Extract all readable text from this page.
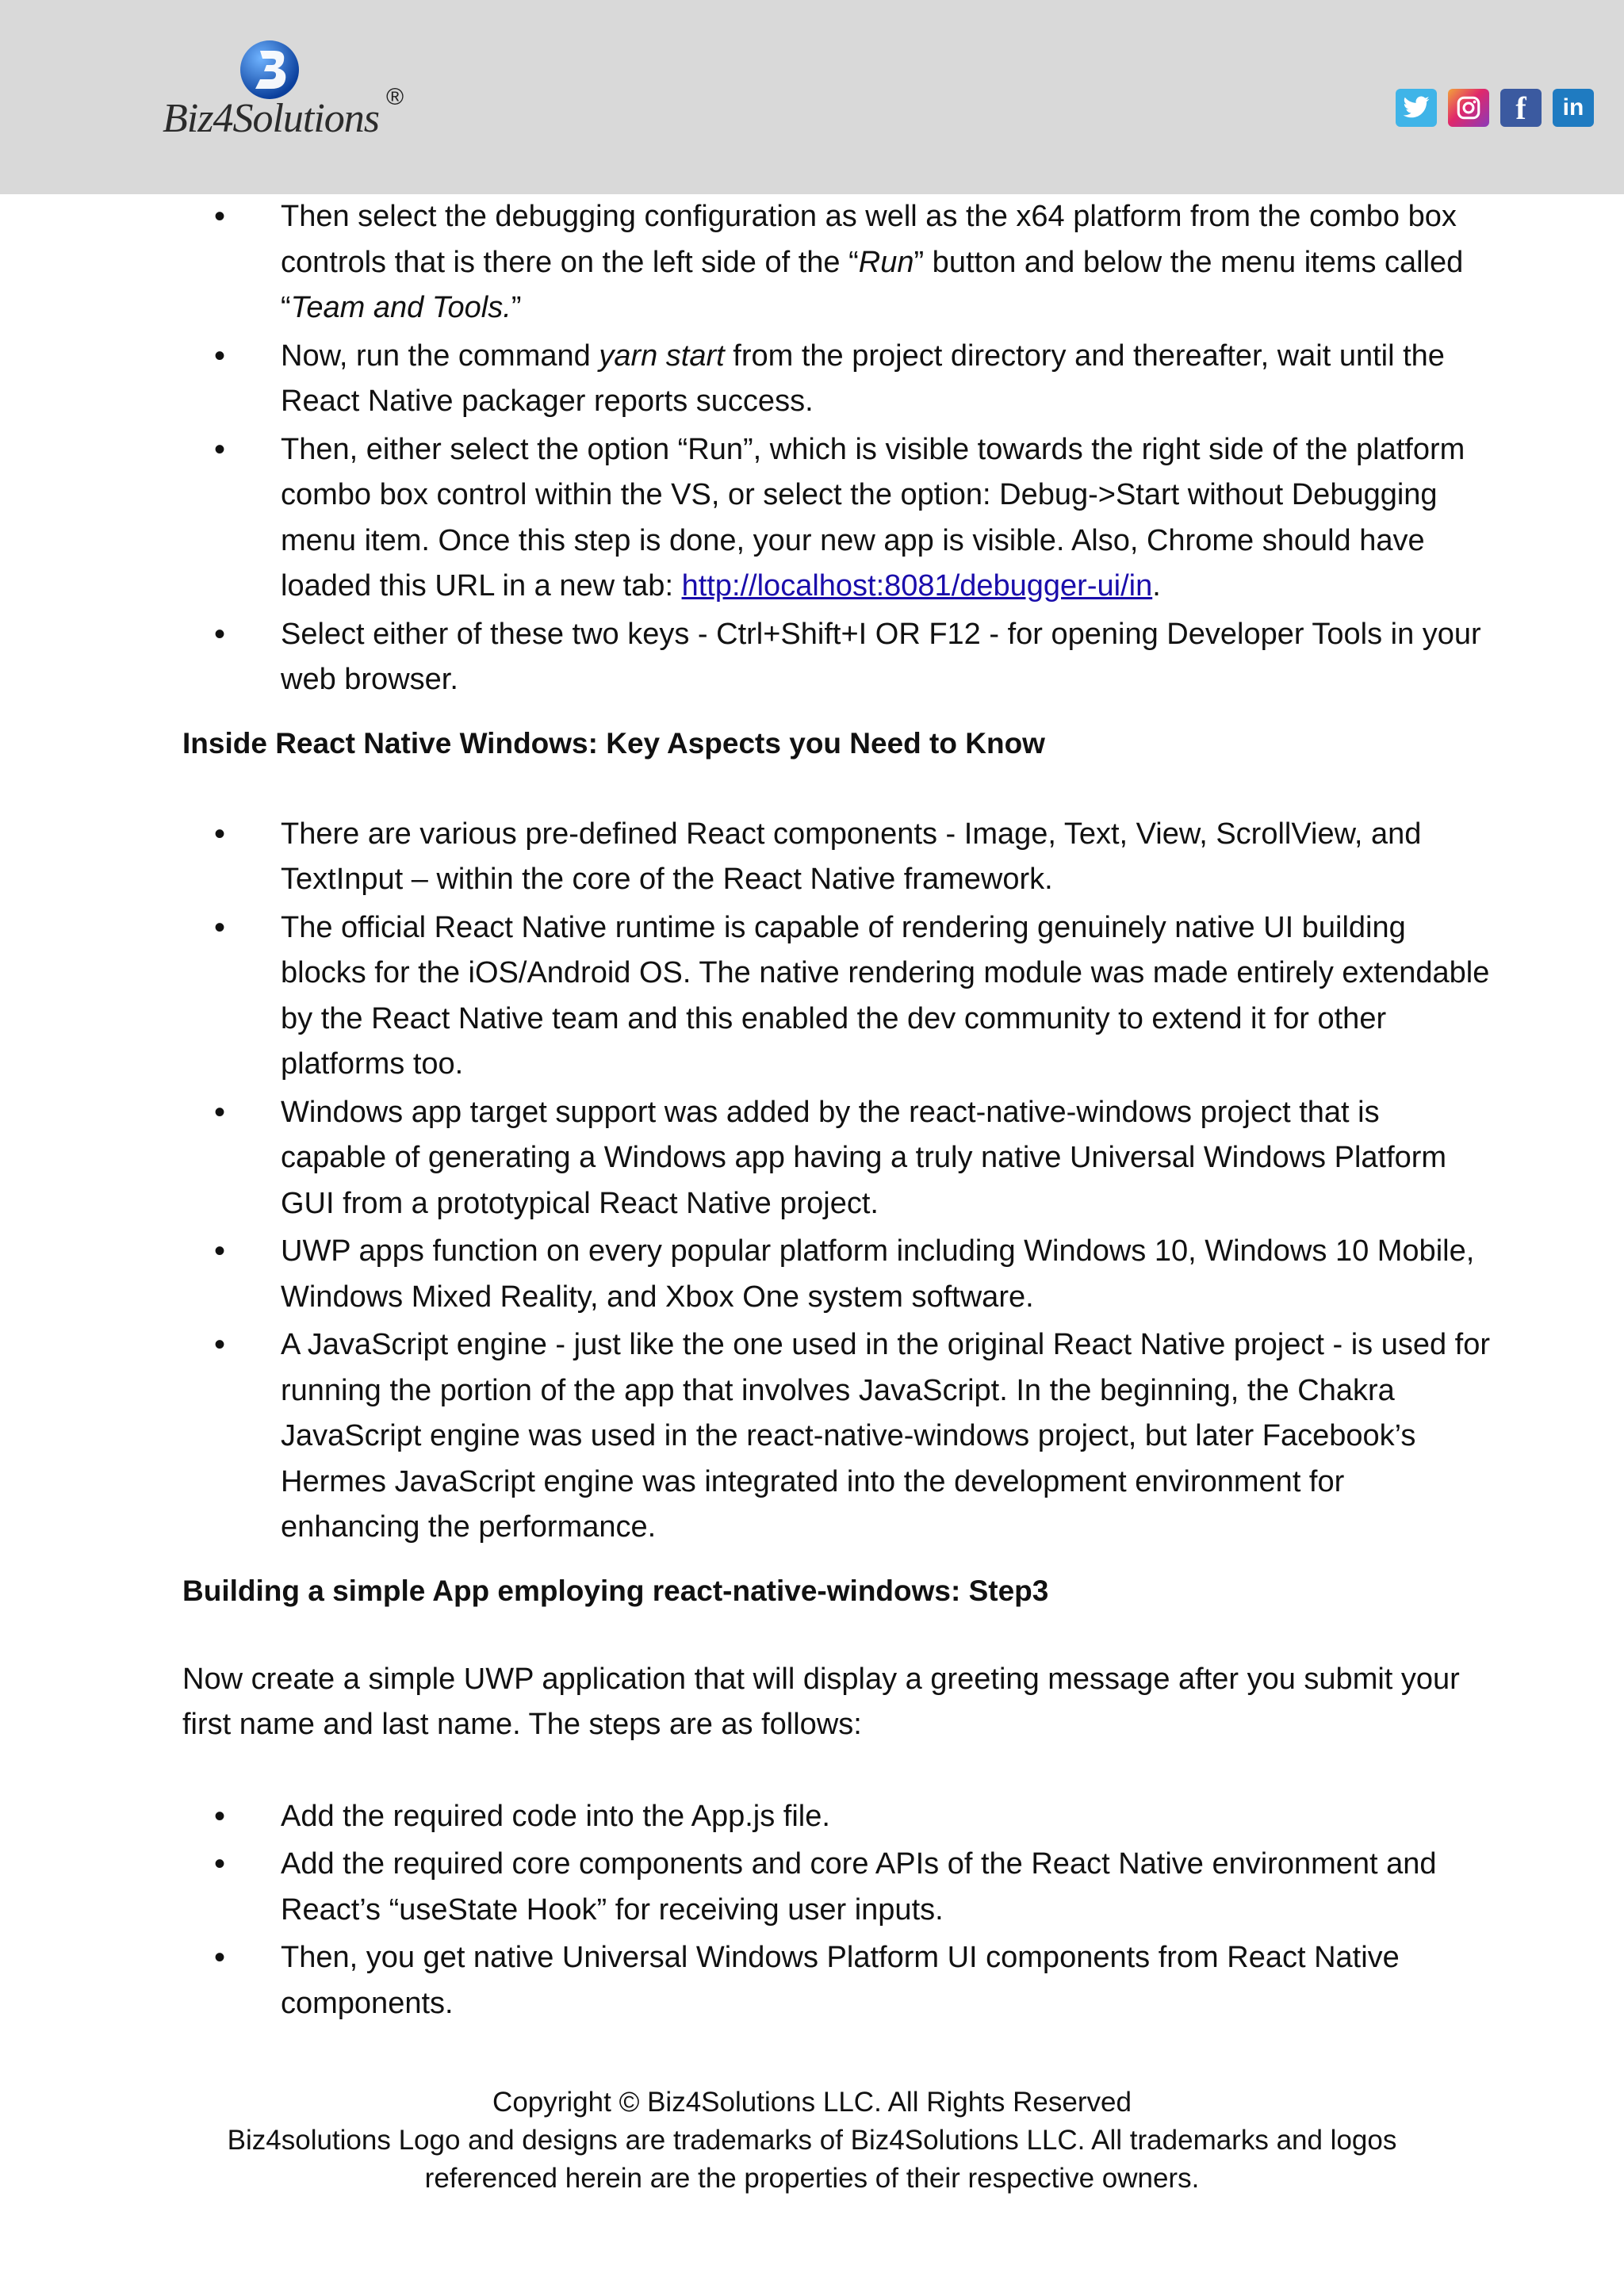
Biz4Solutions ®	f	in
• Then select the debugging configuration as well as the x64 platform from the combo box controls that is there on the left side of the “Run” button and below the menu items called “Team and Tools.”
• Now, run the command yarn start from the project directory and thereafter, wait until the React Native packager reports success.
• Then, either select the option “Run”, which is visible towards the right side of the platform combo box control within the VS, or select the option: Debug->Start without Debugging menu item. Once this step is done, your new app is visible. Also, Chrome should have loaded this URL in a new tab: http://localhost:8081/debugger-ui/in.
• Select either of these two keys - Ctrl+Shift+I OR F12 - for opening Developer Tools in your web browser.
Inside React Native Windows: Key Aspects you Need to Know
• There are various pre-defined React components - Image, Text, View, ScrollView, and TextInput – within the core of the React Native framework.
• The official React Native runtime is capable of rendering genuinely native UI building blocks for the iOS/Android OS. The native rendering module was made entirely extendable by the React Native team and this enabled the dev community to extend it for other platforms too.
• Windows app target support was added by the react-native-windows project that is capable of generating a Windows app having a truly native Universal Windows Platform GUI from a prototypical React Native project.
• UWP apps function on every popular platform including Windows 10, Windows 10 Mobile, Windows Mixed Reality, and Xbox One system software.
• A JavaScript engine - just like the one used in the original React Native project - is used for running the portion of the app that involves JavaScript. In the beginning, the Chakra JavaScript engine was used in the react-native-windows project, but later Facebook’s Hermes JavaScript engine was integrated into the development environment for enhancing the performance.
Building a simple App employing react-native-windows: Step3

Now create a simple UWP application that will display a greeting message after you submit your first name and last name. The steps are as follows:

• Add the required code into the App.js file.
• Add the required core components and core APIs of the React Native environment and React’s “useState Hook” for receiving user inputs.
• Then, you get native Universal Windows Platform UI components from React Native components.
Copyright © Biz4Solutions LLC. All Rights Reserved
Biz4solutions Logo and designs are trademarks of Biz4Solutions LLC. All trademarks and logos
referenced herein are the properties of their respective owners.
